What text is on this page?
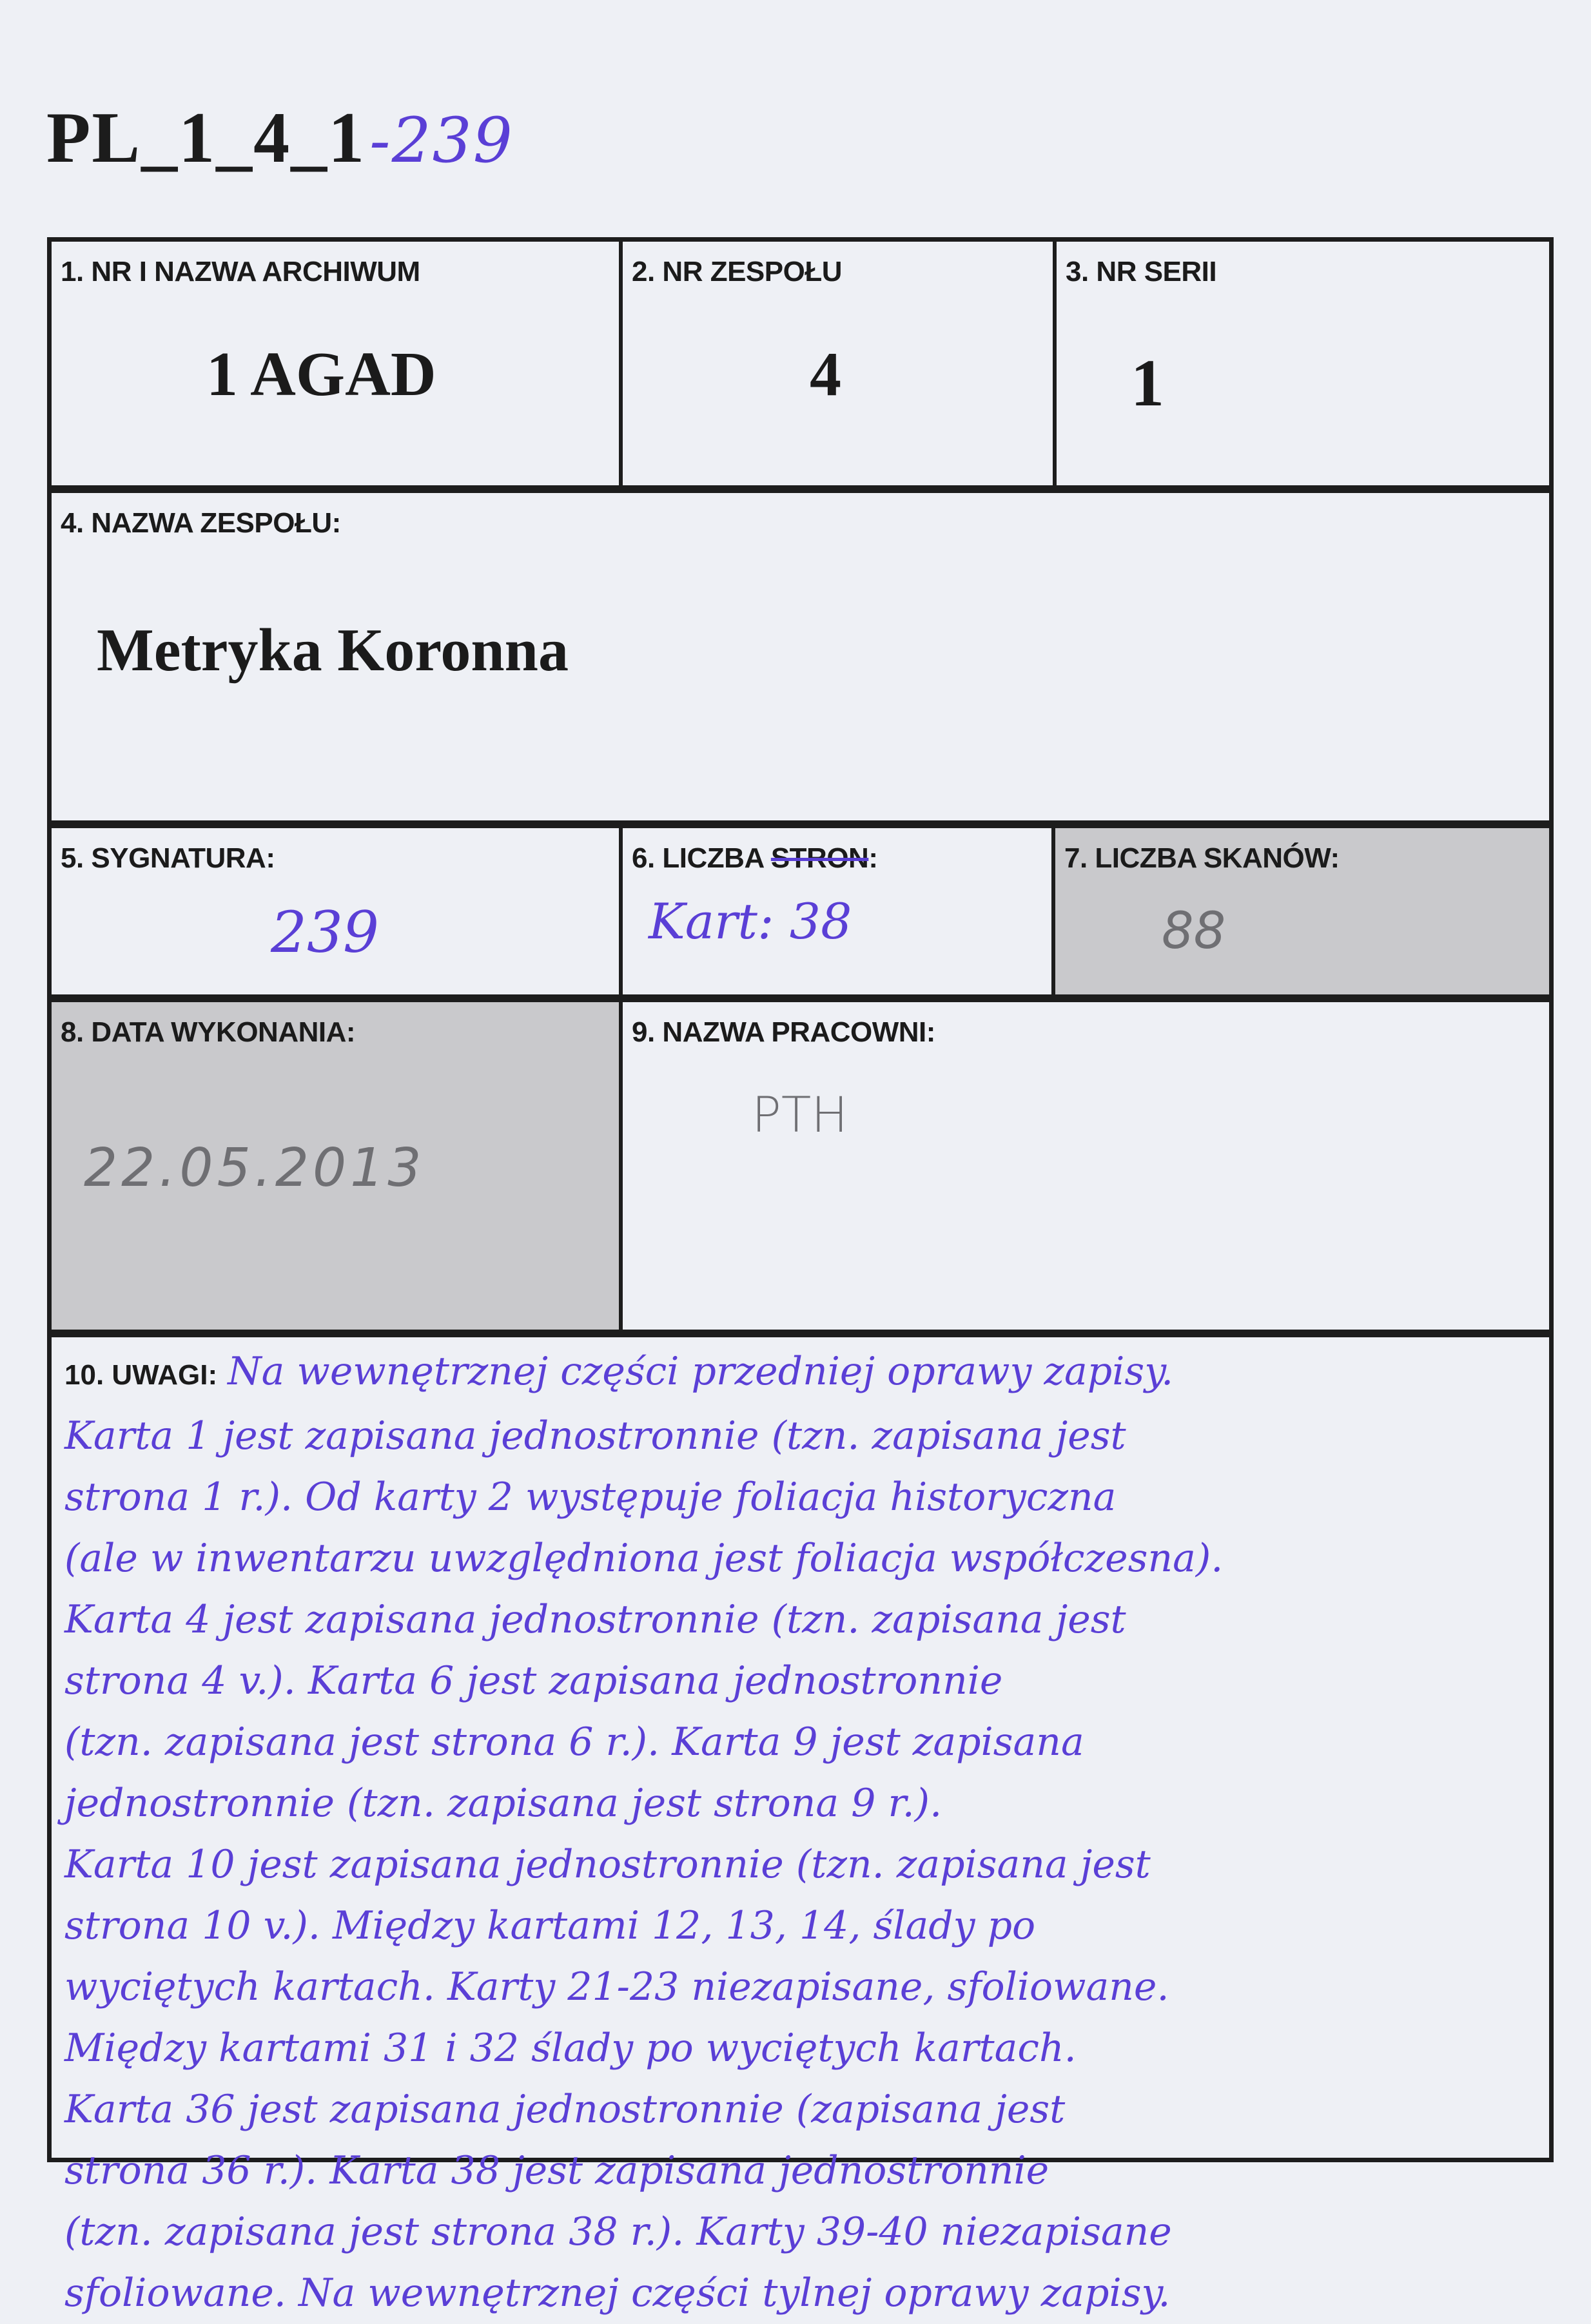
PL_1_4_1-239
1. NR I NAZWA ARCHIWUM
1 AGAD
2. NR ZESPOŁU
4
3. NR SERII
1
4. NAZWA ZESPOŁU:
Metryka Koronna
5. SYGNATURA:
239
6. LICZBA STRON:
Kart: 38
7. LICZBA SKANÓW:
88
8. DATA WYKONANIA:
22.05.2013
9. NAZWA PRACOWNI:
PTH
10. UWAGI: Na wewnętrznej części przedniej oprawy zapisy.
Karta 1 jest zapisana jednostronnie (tzn. zapisana jest
strona 1 r.). Od karty 2 występuje foliacja historyczna
(ale w inwentarzu uwzględniona jest foliacja współczesna).
Karta 4 jest zapisana jednostronnie (tzn. zapisana jest
strona 4 v.). Karta 6 jest zapisana jednostronnie
(tzn. zapisana jest strona 6 r.). Karta 9 jest zapisana
jednostronnie (tzn. zapisana jest strona 9 r.).
Karta 10 jest zapisana jednostronnie (tzn. zapisana jest
strona 10 v.). Między kartami 12, 13, 14, ślady po
wyciętych kartach. Karty 21-23 niezapisane, sfoliowane.
Między kartami 31 i 32 ślady po wyciętych kartach.
Karta 36 jest zapisana jednostronnie (zapisana jest
strona 36 r.). Karta 38 jest zapisana jednostronnie
(tzn. zapisana jest strona 38 r.). Karty 39-40 niezapisane
sfoliowane. Na wewnętrznej części tylnej oprawy zapisy.
